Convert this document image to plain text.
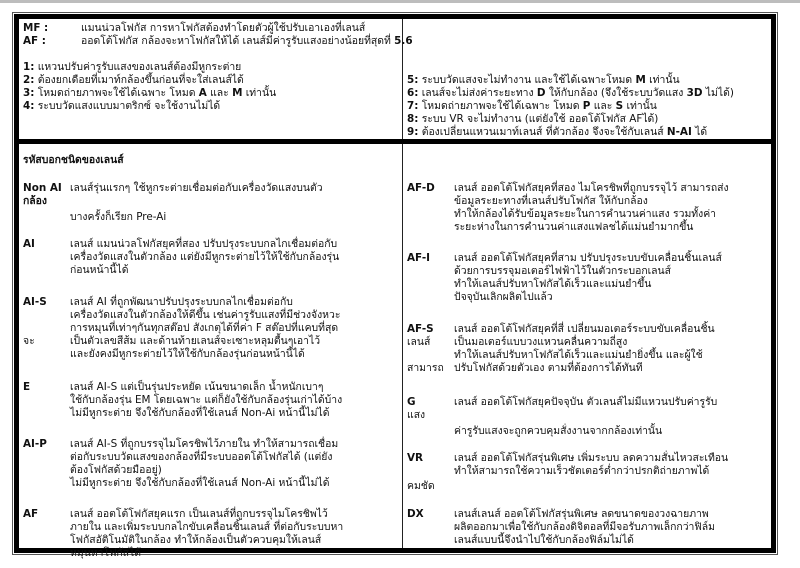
MF :	แมนน่วลโฟกัส การหาโฟกัสต้องทำโดยตัวผู้ใช้ปรับเอาเองที่เลนส์
AF :	ออดโต้โฟกัส กล้องจะหาโฟกัสให้ได้ เลนส์มีค่ารูรับแสงอย่างน้อยที่สุดที่ 5.6
1: แหวนปรับค่ารูรับแสงของเลนส์ต้องมีหูกระต่าย
2: ต้องยกเดือยที่เมาท์กล้องขึ้นก่อนที่จะใส่เลนส์ได้
3: โหมดถ่ายภาพจะใช้ได้เฉพาะ โหมด A และ M เท่านั้น
4: ระบบวัดแสงแบบมาตริกซ์ จะใช้งานไม่ได้
5: ระบบวัดแสงจะไม่ทำงาน และใช้ได้เฉพาะโหมด M เท่านั้น
6: เลนส์จะไม่ส่งค่าระยะทาง D ให้กับกล้อง (จึงใช้ระบบวัดแสง 3D ไม่ได้)
7: โหมดถ่ายภาพจะใช้ได้เฉพาะ โหมด P และ S เท่านั้น
8: ระบบ VR จะไม่ทำงาน (แต่ยังใช้ ออตโต้โฟกัส AFได้)
9: ต้องเปลี่ยนแหวนเมาท์เลนส์ ที่ตัวกล้อง จึงจะใช้กับเลนส์ N-AI ได้
รหัสบอกชนิดของเลนส์
Non AI เลนส์รุ่นแรกๆ ใช้หูกระต่ายเชื่อมต่อกับเครื่องวัดแสงบนตัว
กล้อง
บางครั้งก็เรียก Pre-Ai
AI	เลนส์ แมนน่วลโฟกัสยุคที่สอง ปรับปรุงระบบกลไกเชื่อมต่อกับ
เครื่องวัดแสงในตัวกล้อง แต่ยังมีหูกระต่ายไว้ให้ใช้กับกล้องรุ่น
ก่อนหน้านี้ได้
AI-S เลนส์ AI ที่ถูกพัฒนาปรับปรุงระบบกลไกเชื่อมต่อกับ
เครื่องวัดแสงในตัวกล้องให้ดีขึ้น เช่นค่ารูรับแสงที่มีช่วงจังหวะ
การหมุนที่เท่าๆกันทุกสต๊อป สังเกตุได้ที่ค่า F สต๊อปที่แคบที่สุด
จะ	เป็นตัวเลขสีส้ม และด้านท้ายเลนส์จะเซาะหลุมตื้นๆเอาไว้
และยังคงมีหูกระต่ายไว้ให้ใช้กับกล้องรุ่นก่อนหน้านี้ได้
E	เลนส์ AI-S แต่เป็นรุ่นประหยัด เน้นขนาดเล็ก น้ำหนักเบาๆ
ใช้กับกล้องรุ่น EM โดยเฉพาะ แต่ก็ยังใช้กับกล้องรุ่นเก่าได้บ้าง
ไม่มีหูกระต่าย จึงใช้กับกล้องที่ใช้เลนส์ Non-Ai หน้านี้ไม่ได้
AI-P เลนส์ AI-S ที่ถูกบรรจุไมโครชิพไว้ภายใน ทำให้สามารถเชื่อม
ต่อกับระบบวัดแสงของกล้องที่มีระบบออตโต้โฟกัสได้ (แต่ยัง
ต้องโฟกัสด้วยมืออยู่)
ไม่มีหูกระต่าย จึงใช้กับกล้องที่ใช้เลนส์ Non-Ai หน้านี้ไม่ได้
AF	เลนส์ ออตโต้โฟกัสยุคแรก เป็นเลนส์ที่ถูกบรรจุไมโครชิพไว้
ภายใน และเพิ่มระบบกลไกขับเคลื่อนชิ้นเลนส์ ที่ต่อกับระบบหา
โฟกัสอัติโนมัติในกล้อง ทำให้กล้องเป็นตัวควบคุมให้เลนส์
หมุนหาโฟกัสได้
AF-D เลนส์ ออตโต้โฟกัสยุคที่สอง ไมโครชิพที่ถูกบรรจุไว้ สามารถส่ง
ข้อมูลระยะทางที่เลนส์ปรับโฟกัส ให้กับกล้อง
ทำให้กล้องได้รับข้อมูลระยะในการคำนวนค่าแสง รวมทั้งค่า
ระยะห่างในการคำนวนค่าแสงแฟลชได้แม่นยำมากขึ้น
AF-I เลนส์ ออตโต้โฟกัสยุคที่สาม ปรับปรุงระบบขับเคลื่อนชิ้นเลนส์
ด้วยการบรรจุมอเตอร์ไฟฟ้าไว้ในตัวกระบอกเลนส์
ทำให้เลนส์ปรับหาโฟกัสได้เร็วและแม่นยำขึ้น
ปัจจุบันเลิกผลิตไปแล้ว
AF-S เลนส์ ออตโต้โฟกัสยุคที่สี่ เปลี่ยนมอเตอร์ระบบขับเคลื่อนชิ้น
เลนส์ เป็นมอเตอร์แบบวงแหวนคลื่นความถี่สูง
ทำให้เลนส์ปรับหาโฟกัสได้เร็วและแม่นยำยิ่งขึ้น และผู้ใช้
สามารถ ปรับโฟกัสด้วยตัวเอง ตามที่ต้องการได้ทันที
G	เลนส์ ออตโต้โฟกัสยุคปัจจุบัน ตัวเลนส์ไม่มีแหวนปรับค่ารูรับ
แสง
ค่ารูรับแสงจะถูกควบคุมสั่งงานจากกล้องเท่านั้น
VR	เลนส์ ออตโต้โฟกัสรุ่นพิเศษ เพิ่มระบบ ลดความสั่นไหวสะเทือน
ทำให้สามารถใช้ความเร็วชัตเตอร์ต่ำกว่าปรกติถ่ายภาพได้
คมชัด
DX	เลนส์เลนส์ ออตโต้โฟกัสรุ่นพิเศษ ลดขนาดของวงฉายภาพ
ผลิตออกมาเพื่อใช้กับกล้องดิจิตอลที่มีจอรับภาพเล็กกว่าฟิล์ม
เลนส์แบบนี้จึงนำไปใช้กับกล้องฟิล์มไม่ได้
